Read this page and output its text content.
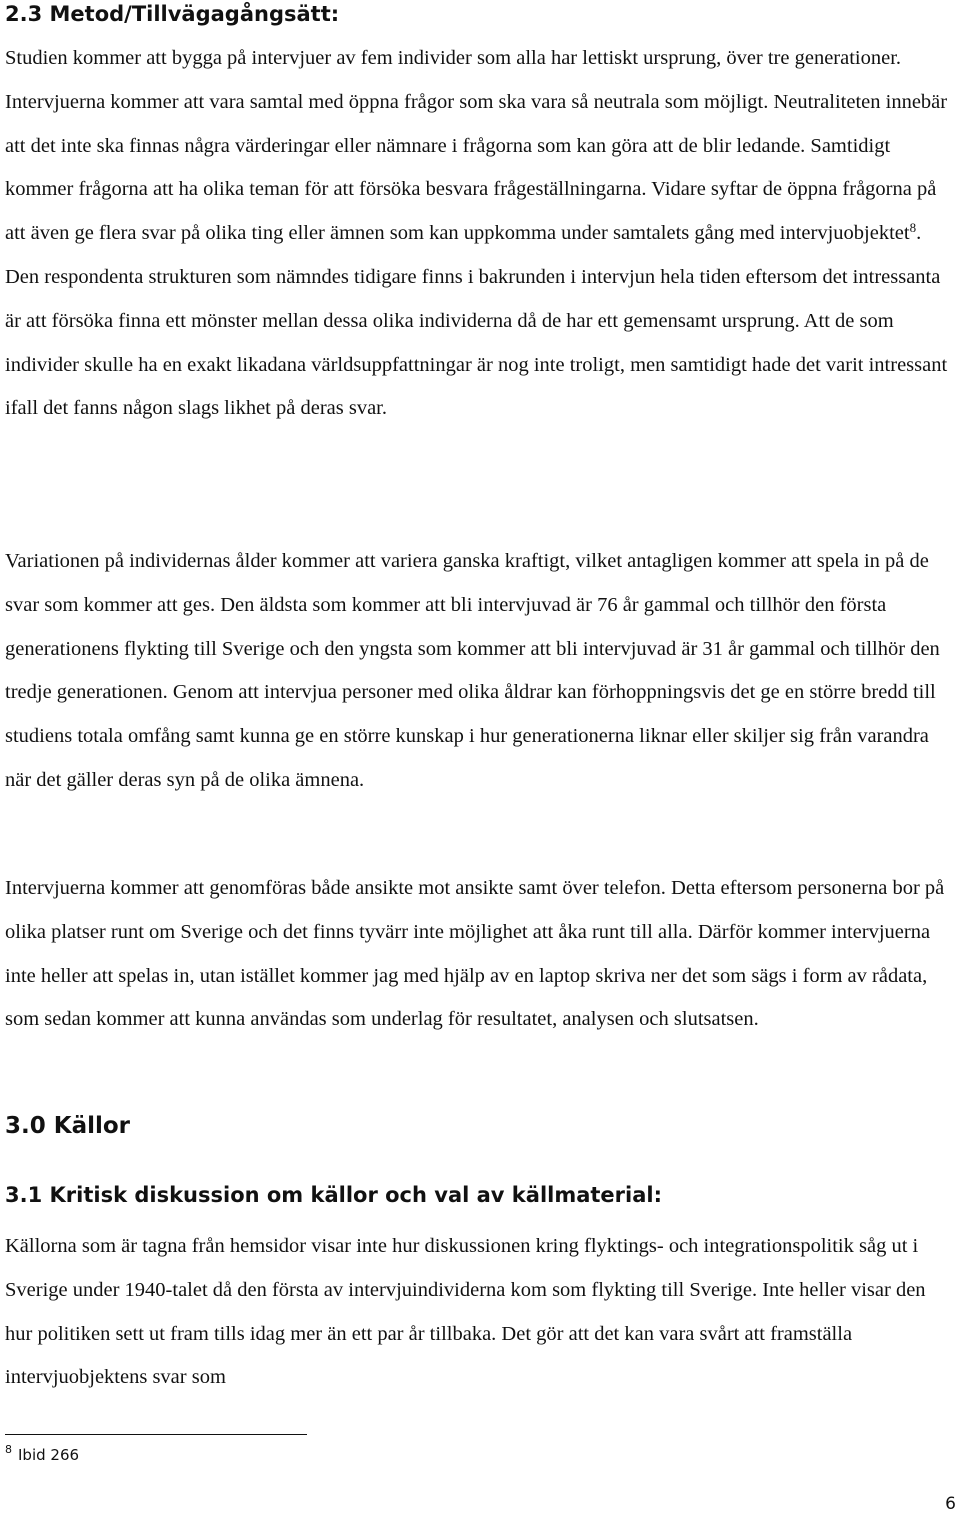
2.3 Metod/Tillvägagångsätt:

Studien kommer att bygga på intervjuer av fem individer som alla har lettiskt ursprung, över tre generationer. Intervjuerna kommer att vara samtal med öppna frågor som ska vara så neutrala som möjligt. Neutraliteten innebär att det inte ska finnas några värderingar eller nämnare i frågorna som kan göra att de blir ledande. Samtidigt kommer frågorna att ha olika teman för att försöka besvara frågeställningarna. Vidare syftar de öppna frågorna på att även ge flera svar på olika ting eller ämnen som kan uppkomma under samtalets gång med intervjuobjektet$^8$. Den respondenta strukturen som nämndes tidigare finns i bakrunden i intervjun hela tiden eftersom det intressanta är att försöka finna ett mönster mellan dessa olika individerna då de har ett gemensamt ursprung. Att de som individer skulle ha en exakt likadana världsuppfattningar är nog inte troligt, men samtidigt hade det varit intressant ifall det fanns någon slags likhet på deras svar.

Variationen på individernas ålder kommer att variera ganska kraftigt, vilket antagligen kommer att spela in på de svar som kommer att ges. Den äldsta som kommer att bli intervjuvad är 76 år gammal och tillhör den första generationens flykting till Sverige och den yngsta som kommer att bli intervjuvad är 31 år gammal och tillhör den tredje generationen. Genom att intervjua personer med olika åldrar kan förhoppningsvis det ge en större bredd till studiens totala omfång samt kunna ge en större kunskap i hur generationerna liknar eller skiljer sig från varandra när det gäller deras syn på de olika ämnena.

Intervjuerna kommer att genomföras både ansikte mot ansikte samt över telefon. Detta eftersom personerna bor på olika platser runt om Sverige och det finns tyvärr inte möjlighet att åka runt till alla. Därför kommer intervjuerna inte heller att spelas in, utan istället kommer jag med hjälp av en laptop skriva ner det som sägs i form av rådata, som sedan kommer att kunna användas som underlag för resultatet, analysen och slutsatsen.

3.0 Källor
3.1 Kritisk diskussion om källor och val av källmaterial:

Källorna som är tagna från hemsidor visar inte hur diskussionen kring flyktings- och integrationspolitik såg ut i Sverige under 1940-talet då den första av intervjuindividerna kom som flykting till Sverige. Inte heller visar den hur politiken sett ut fram tills idag mer än ett par år tillbaka. Det gör att det kan vara svårt att framställa intervjuobjektens svar som

$^8$ Ibid 266

6
